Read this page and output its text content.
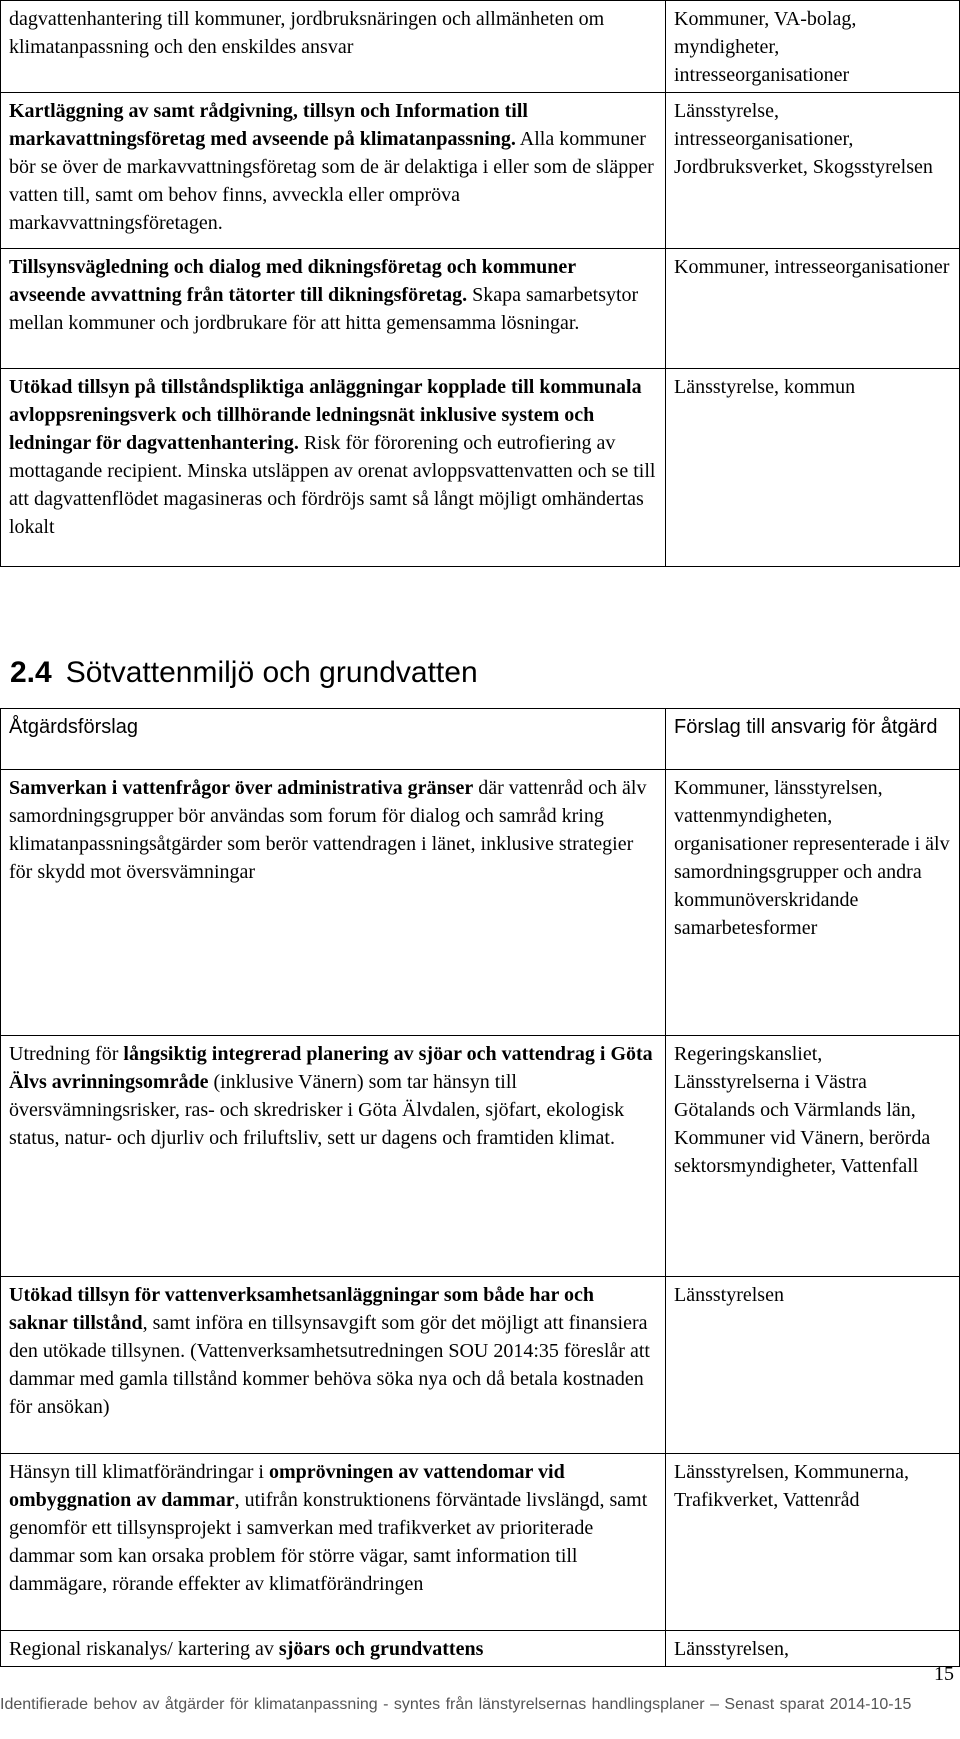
dagvattenhantering till kommuner, jordbruksnäringen och allmänheten om klimatanpassning och den enskildes ansvar	Kommuner, VA-bolag, myndigheter, intresseorganisationer
Kartläggning av samt rådgivning, tillsyn och Information till markavattningsföretag med avseende på klimatanpassning. Alla kommuner bör se över de markavvattningsföretag som de är delaktiga i eller som de släpper vatten till, samt om behov finns, avveckla eller ompröva markavvattningsföretagen.	Länsstyrelse, intresseorganisationer, Jordbruksverket, Skogsstyrelsen
Tillsynsvägledning och dialog med dikningsföretag och kommuner avseende avvattning från tätorter till dikningsföretag. Skapa samarbetsytor mellan kommuner och jordbrukare för att hitta gemensamma lösningar.	Kommuner, intresseorganisationer
Utökad tillsyn på tillståndspliktiga anläggningar kopplade till kommunala avloppsreningsverk och tillhörande ledningsnät inklusive system och ledningar för dagvattenhantering. Risk för förorening och eutrofiering av mottagande recipient. Minska utsläppen av orenat avloppsvattenvatten och se till att dagvattenflödet magasineras och fördröjs samt så långt möjligt omhändertas lokalt	Länsstyrelse, kommun
2.4 Sötvattenmiljö och grundvatten
Åtgärdsförslag	Förslag till ansvarig för åtgärd
Samverkan i vattenfrågor över administrativa gränser där vattenråd och älv samordningsgrupper bör användas som forum för dialog och samråd kring klimatanpassningsåtgärder som berör vattendragen i länet, inklusive strategier för skydd mot översvämningar	Kommuner, länsstyrelsen, vattenmyndigheten, organisationer representerade i älv samordningsgrupper och andra kommunöverskridande samarbetesformer
Utredning för långsiktig integrerad planering av sjöar och vattendrag i Göta Älvs avrinningsområde (inklusive Vänern) som tar hänsyn till översvämningsrisker, ras- och skredrisker i Göta Älvdalen, sjöfart, ekologisk status, natur- och djurliv och friluftsliv, sett ur dagens och framtiden klimat.	Regeringskansliet, Länsstyrelserna i Västra Götalands och Värmlands län, Kommuner vid Vänern, berörda sektorsmyndigheter, Vattenfall
Utökad tillsyn för vattenverksamhetsanläggningar som både har och saknar tillstånd, samt införa en tillsynsavgift som gör det möjligt att finansiera den utökade tillsynen. (Vattenverksamhetsutredningen SOU 2014:35 föreslår att dammar med gamla tillstånd kommer behöva söka nya och då betala kostnaden för ansökan)	Länsstyrelsen
Hänsyn till klimatförändringar i omprövningen av vattendomar vid ombyggnation av dammar, utifrån konstruktionens förväntade livslängd, samt genomför ett tillsynsprojekt i samverkan med trafikverket av prioriterade dammar som kan orsaka problem för större vägar, samt information till dammägare, rörande effekter av klimatförändringen	Länsstyrelsen, Kommunerna, Trafikverket, Vattenråd
Regional riskanalys/ kartering av sjöars och grundvattens	Länsstyrelsen,
15
Identifierade behov av åtgärder för klimatanpassning - syntes från länstyrelsernas handlingsplaner – Senast sparat 2014-10-15
